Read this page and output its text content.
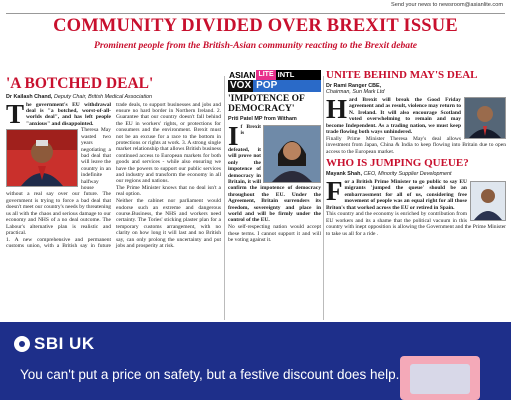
Send your news to newsroom@asianlite.com
COMMUNITY DIVIDED OVER BREXIT ISSUE
Prominent people from the British-Asian community reacting to the Brexit debate
'A BOTCHED DEAL'
Dr Kailash Chand, Deputy Chair, British Medical Association

The government's EU withdrawal deal is "a botched, worst-of-all-worlds deal", and has left people "anxious" and disappointed.

Theresa May wasted two years negotiating a bad deal that will leave the country in an indefinite halfway house without a real say over our future. The government is trying to force a bad deal that doesn't meet our country's needs by threatening us all with the chaos and serious damage to our economy and NHS of a no deal outcome. The Labour's alternative plan is realistic and practical.

1. A new comprehensive and permanent customs union, with a British say in future trade deals, to support businesses and jobs and ensure no hard border in Northern Ireland. 2. Guarantee that our country doesn't fall behind the EU in workers' rights, or protections for consumers and the environment. Brexit must not be an excuse for a race to the bottom in protections or rights at work. 3. A strong single market relationship that allows British business continued access to European markets for both goods and services - while also ensuring we have the powers to support our public services and industry and transform the economy in all our regions and nations.

The Prime Minister knows that no deal isn't a real option.

Neither the cabinet nor parliament would endorse such an extreme and dangerous course.Business, the NHS and workers need certainty. The Tories' sticking plaster plan for a temporary customs arrangement, with no clarity on how long it will last and no British say, can only prolong the uncertainty and put jobs and prosperity at risk.

ASIAN LITE INTL
VOX POP
'IMPOTENCE OF DEMOCRACY'
Priti Patel MP from Witham

If Brexit is defeated, it will prove not only the impotence of democracy in Britain, it will confirm the impotence of democracy throughout the EU. Under the Agreement, Britain surrenders its freedom, sovereignty and place in world and will be firmly under the control of the EU.

No self-respecting nation would accept these terms. I cannot support it and will be voting against it.

UNITE BEHIND MAY'S DEAL
Dr Rami Ranger CBE,
Chairman, Sun Mark Ltd

Hard Brexit will break the Good Friday agreement and as result, violence may return to N. Ireland. It will also encourage Scotland voted overwhelming to remain and may become Independent. As a trading nation, we must keep trade flowing both ways unhindered.

Finally Prime Minister Theresa May's deal allows investment from Japan, China & India to keep flowing into Britain due to open access to the European market.

WHO IS JUMPING QUEUE?
Mayank Shah, CEO, Minority Supplier Development

For a British Prime Minister to go public to say EU migrants 'jumped the queue' should be an embarrassment for all of us, considering free movement of people was an equal right for all those Briton's that worked across the EU or retired in Spain.

This country and the economy is enriched by contribution from EU workers and its a shame that the political vacuum in this country with inept opposition is allowing the Government and the Prime Minister to take us all for a ride .

SBI UK
You can't put a price on safety, but a festive discount does help.
